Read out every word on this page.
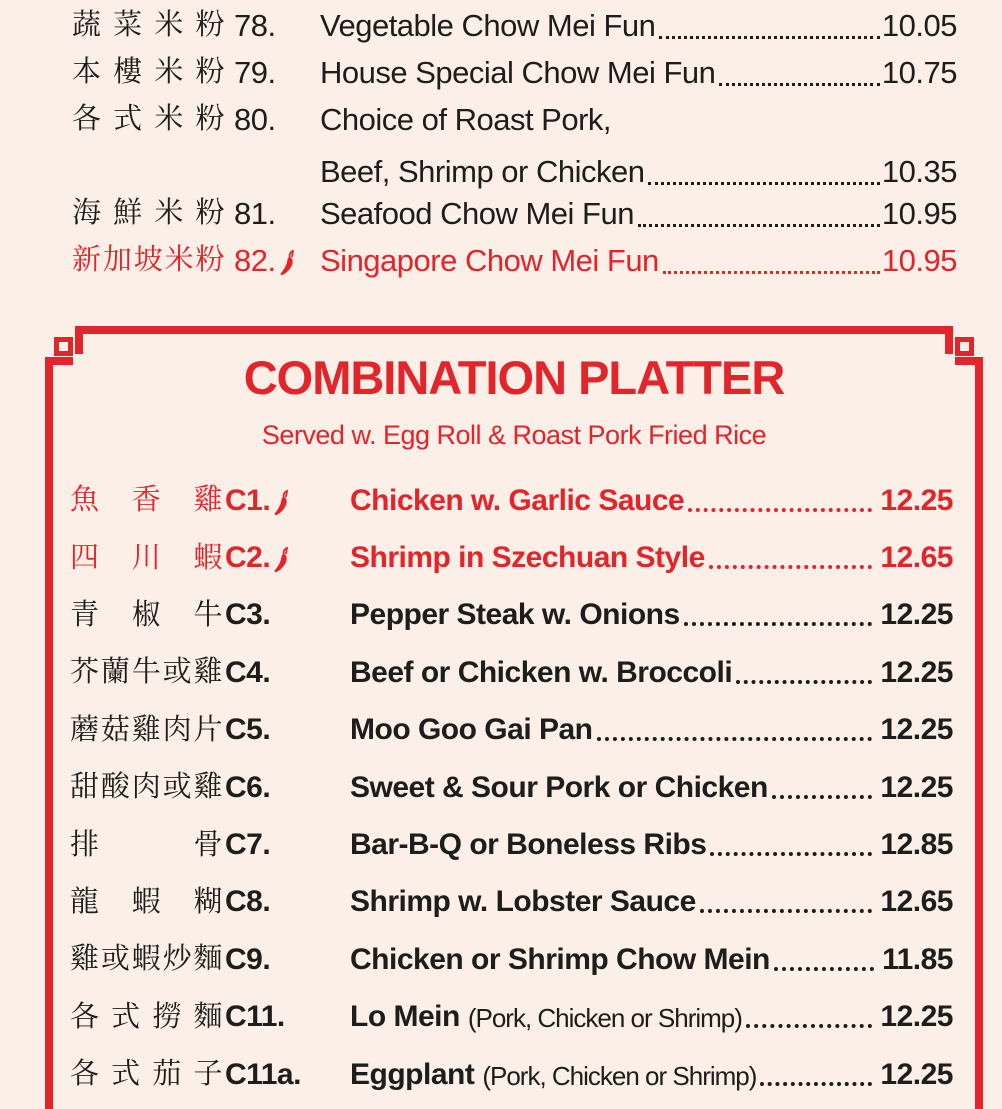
蔬 菜 米 粉 78. Vegetable Chow Mei Fun	10.05
本 樓 米 粉 79. House Special Chow Mei Fun	10.75
各 式 米 粉 80. Choice of Roast Pork,
Beef, Shrimp or Chicken	10.35
海 鮮 米 粉 81. Seafood Chow Mei Fun	10.95
新 加 坡 米 粉 82. Singapore Chow Mei Fun	10.95
COMBINATION PLATTER
Served w. Egg Roll & Roast Pork Fried Rice
魚 香 雞 C1.	Chicken w. Garlic Sauce	12.25
四 川 蝦 C2.	Shrimp in Szechuan Style	12.65
青 椒 牛 C3.	Pepper Steak w. Onions	12.25
芥 蘭 牛 或 雞 C4.	Beef or Chicken w. Broccoli	12.25
蘑 菇 雞 肉 片 C5.	Moo Goo Gai Pan	12.25
甜 酸 肉 或 雞 C6.	Sweet & Sour Pork or Chicken	12.25
排	骨 C7.	Bar-B-Q or Boneless Ribs	12.85
龍 蝦 糊 C8.	Shrimp w. Lobster Sauce	12.65
雞 或 蝦 炒 麵 C9.	Chicken or Shrimp Chow Mein	11.85
各 式 撈 麵 C11. Lo Mein (Pork, Chicken or Shrimp)	12.25
各 式 茄 子 C11a. Eggplant (Pork, Chicken or Shrimp)	12.25
